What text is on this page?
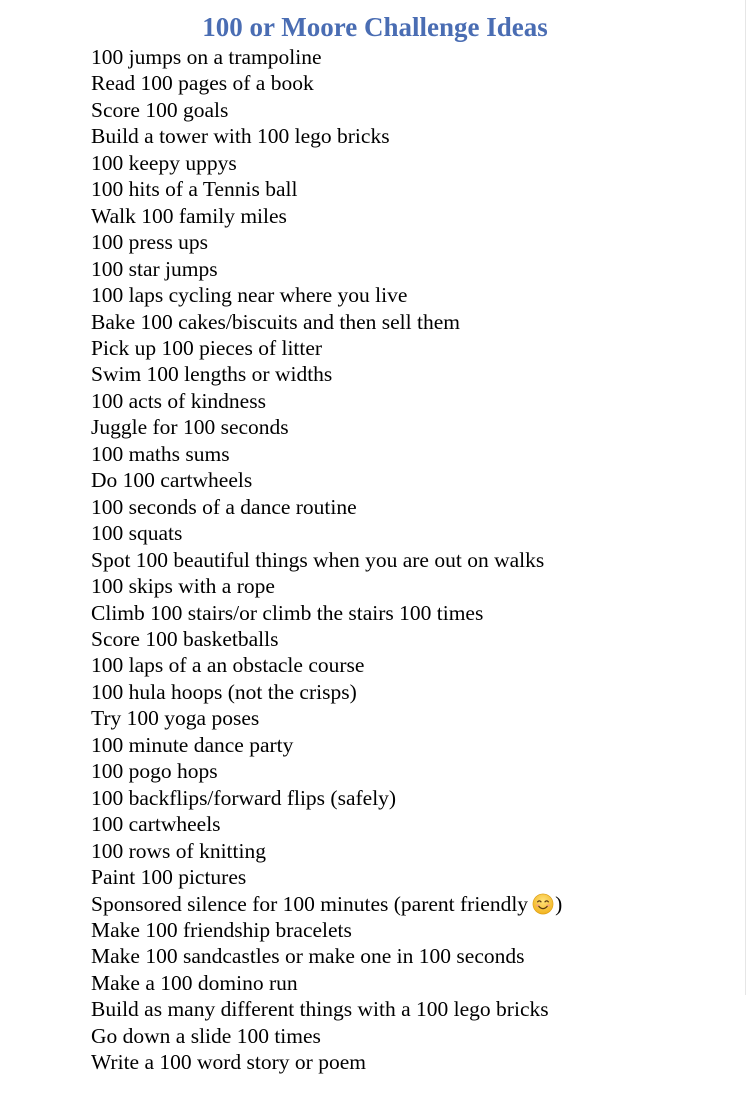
100 or Moore Challenge Ideas
100 jumps on a trampoline
Read 100 pages of a book
Score 100 goals
Build a tower with 100 lego bricks
100 keepy uppys
100 hits of a Tennis ball
Walk 100 family miles
100 press ups
100 star jumps
100 laps cycling near where you live
Bake 100 cakes/biscuits and then sell them
Pick up 100 pieces of litter
Swim 100 lengths or widths
100 acts of kindness
Juggle for 100 seconds
100 maths sums
Do 100 cartwheels
100 seconds of a dance routine
100 squats
Spot 100 beautiful things when you are out on walks
100 skips with a rope
Climb 100 stairs/or climb the stairs 100 times
Score 100 basketballs
100 laps of a an obstacle course
100 hula hoops (not the crisps)
Try 100 yoga poses
100 minute dance party
100 pogo hops
100 backflips/forward flips (safely)
100 cartwheels
100 rows of knitting
Paint 100 pictures
Sponsored silence for 100 minutes (parent friendly )
Make 100 friendship bracelets
Make 100 sandcastles or make one in 100 seconds
Make a 100 domino run
Build as many different things with a 100 lego bricks
Go down a slide 100 times
Write a 100 word story or poem
